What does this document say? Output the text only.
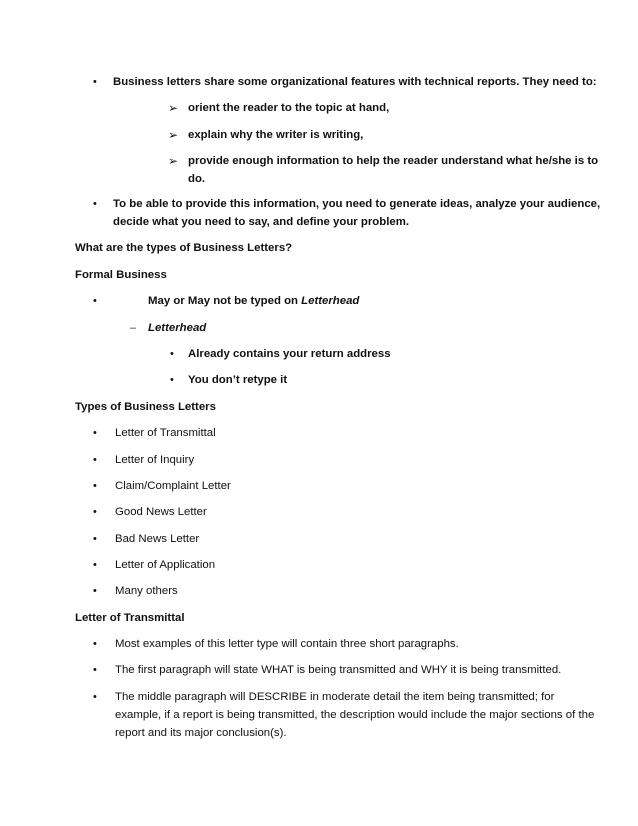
• Business letters share some organizational features with technical reports. They need to:
➢ orient the reader to the topic at hand,
➢ explain why the writer is writing,
➢ provide enough information to help the reader understand what he/she is to
do.
• To be able to provide this information, you need to generate ideas, analyze your audience,
decide what you need to say, and define your problem.
What are the types of Business Letters?
Formal Business
•	May or May not be typed on Letterhead
– Letterhead
• Already contains your return address
• You don’t retype it
Types of Business Letters
• Letter of Transmittal
• Letter of Inquiry
• Claim/Complaint Letter
• Good News Letter
• Bad News Letter
• Letter of Application
• Many others
Letter of Transmittal
• Most examples of this letter type will contain three short paragraphs.
• The first paragraph will state WHAT is being transmitted and WHY it is being transmitted.
• The middle paragraph will DESCRIBE in moderate detail the item being transmitted; for
example, if a report is being transmitted, the description would include the major sections of the
report and its major conclusion(s).
